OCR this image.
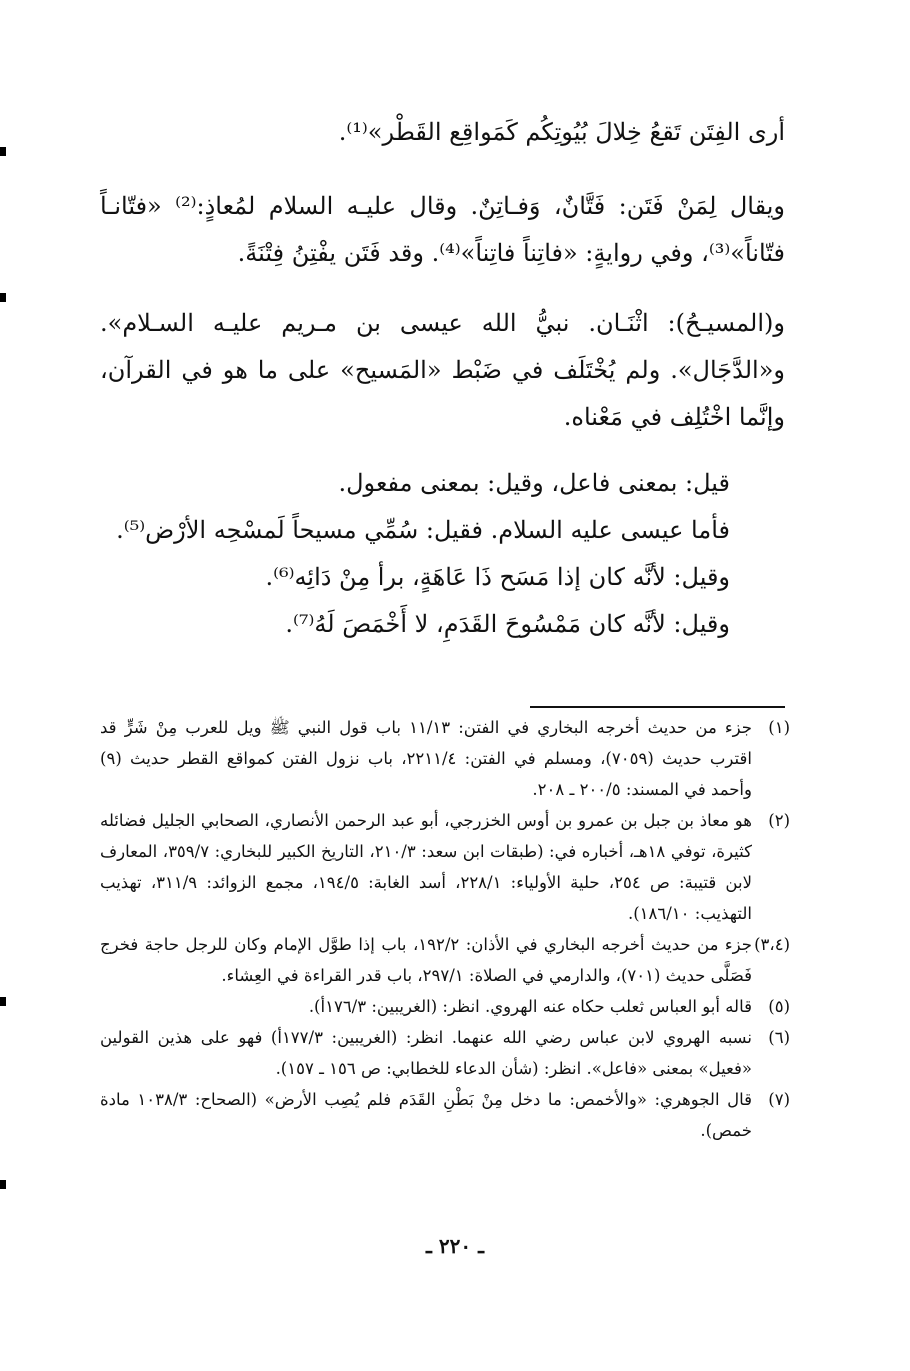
أرى الفِتَن تَقعُ خِلالَ بُيُوتِكُم كَمَواقِع القَطْر»⁽¹⁾.

ويقال لِمَنْ فَتَن: فَتَّانٌ، وَفـاتِنٌ. وقال عليـه السلام لمُعاذٍ:⁽²⁾ «فتّانـاً فتّاناً»⁽³⁾، وفي روايةٍ: «فاتِناً فاتِناً»⁽⁴⁾. وقد فَتَن يفْتِنُ فِتْنَةً.

و(المسيـحُ): اثْنَـان. نبيُّ الله عيسى بن مـريم عليـه السـلام». و«الدَّجَال». ولم يُخْتَلَف في ضَبْط «المَسيح» على ما هو في القرآن، وإنَّما اخْتُلِف في مَعْناه.

قيل: بمعنى فاعل، وقيل: بمعنى مفعول.

فأما عيسى عليه السلام. فقيل: سُمِّي مسيحاً لَمسْحِه الأرْض⁽⁵⁾.

وقيل: لأنَّه كان إذا مَسَح ذَا عَاهَةٍ، برأ مِنْ دَائِه⁽⁶⁾.

وقيل: لأنَّه كان مَمْسُوحَ القَدَمِ، لا أَخْمَصَ لَهُ⁽⁷⁾.

(١)
جزء من حديث أخرجه البخاري في الفتن: ١١/١٣ باب قول النبي ﷺ ويل للعرب مِنْ شَرٍّ قد اقترب حديث (٧٠٥٩)، ومسلم في الفتن: ٢٢١١/٤، باب نزول الفتن كمواقع القطر حديث (٩) وأحمد في المسند: ٢٠٠/٥ ـ ٢٠٨.
(٢)
هو معاذ بن جبل بن عمرو بن أوس الخزرجي، أبو عبد الرحمن الأنصاري، الصحابي الجليل فضائله كثيرة، توفي ١٨هـ، أخباره في: (طبقات ابن سعد: ٢١٠/٣، التاريخ الكبير للبخاري: ٣٥٩/٧، المعارف لابن قتيبة: ص ٢٥٤، حلية الأولياء: ٢٢٨/١، أسد الغابة: ١٩٤/٥، مجمع الزوائد: ٣١١/٩، تهذيب التهذيب: ١٨٦/١٠).
(٣،٤)
جزء من حديث أخرجه البخاري في الأذان: ١٩٢/٢، باب إذا طوَّل الإمام وكان للرجل حاجة فخرج فَصَلَّى حديث (٧٠١)، والدارمي في الصلاة: ٢٩٧/١، باب قدر القراءة في العِشاء.
(٥)
قاله أبو العباس ثعلب حكاه عنه الهروي. انظر: (الغريبين: ١٧٦/٣أ).
(٦)
نسبه الهروي لابن عباس رضي الله عنهما. انظر: (الغريبين: ١٧٧/٣أ) فهو على هذين القولين «فعيل» بمعنى «فاعل». انظر: (شأن الدعاء للخطابي: ص ١٥٦ ـ ١٥٧).
(٧)
قال الجوهري: «والأخمص: ما دخل مِنْ بَطْنِ القَدَم فلم يُصِب الأرض» (الصحاح: ١٠٣٨/٣ مادة خمص).
ـ ٢٢٠ ـ
